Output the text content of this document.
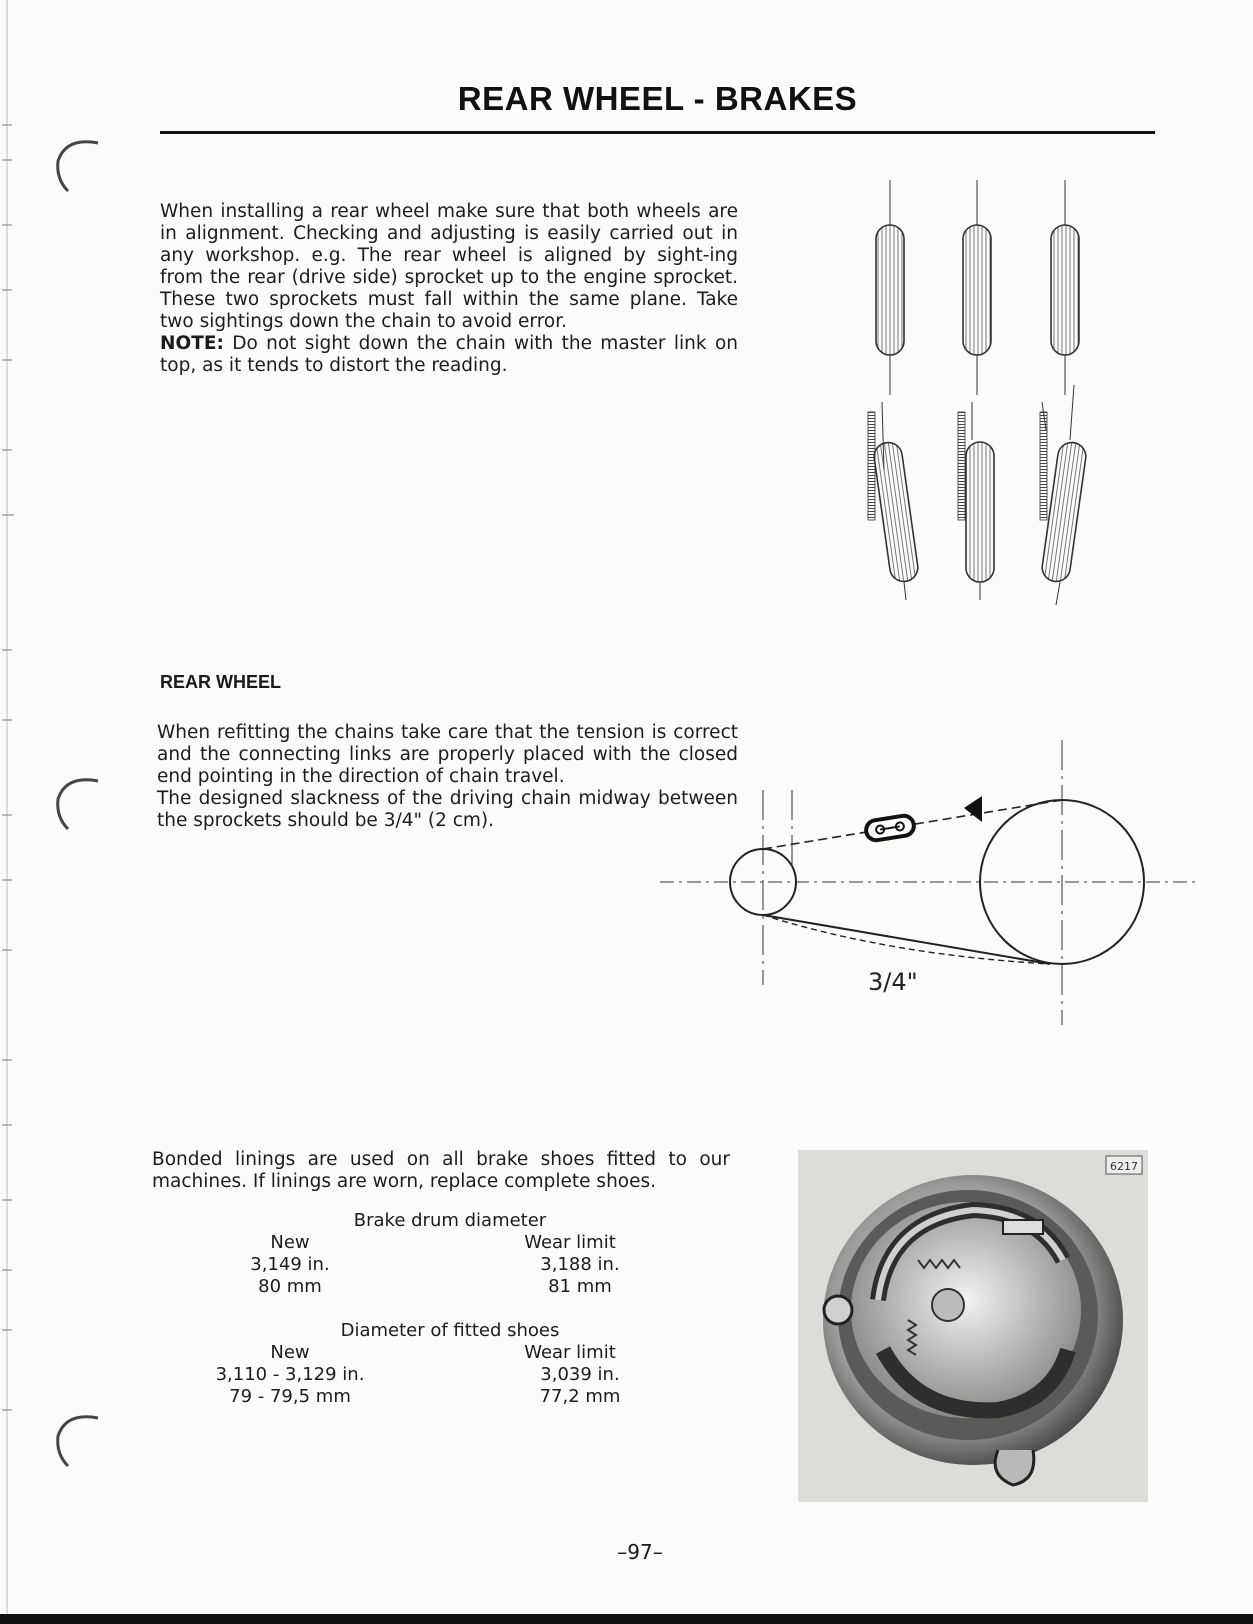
REAR WHEEL - BRAKES
When installing a rear wheel make sure that both wheels are in alignment. Checking and adjusting is easily carried out in any workshop. e.g. The rear wheel is aligned by sight-ing from the rear (drive side) sprocket up to the engine sprocket. These two sprockets must fall within the same plane. Take two sightings down the chain to avoid error.
NOTE: Do not sight down the chain with the master link on top, as it tends to distort the reading.
REAR WHEEL
When refitting the chains take care that the tension is correct and the connecting links are properly placed with the closed end pointing in the direction of chain travel.
The designed slackness of the driving chain midway between the sprockets should be 3/4" (2 cm).
3/4"
Bonded linings are used on all brake shoes fitted to our machines. If linings are worn, replace complete shoes.
Brake drum diameter
New	Wear limit
3,149 in.	3,188 in.
80 mm	81 mm
Diameter of fitted shoes
New	Wear limit
3,110 - 3,129 in.	3,039 in.
79 - 79,5 mm	77,2 mm
6217
–97–
